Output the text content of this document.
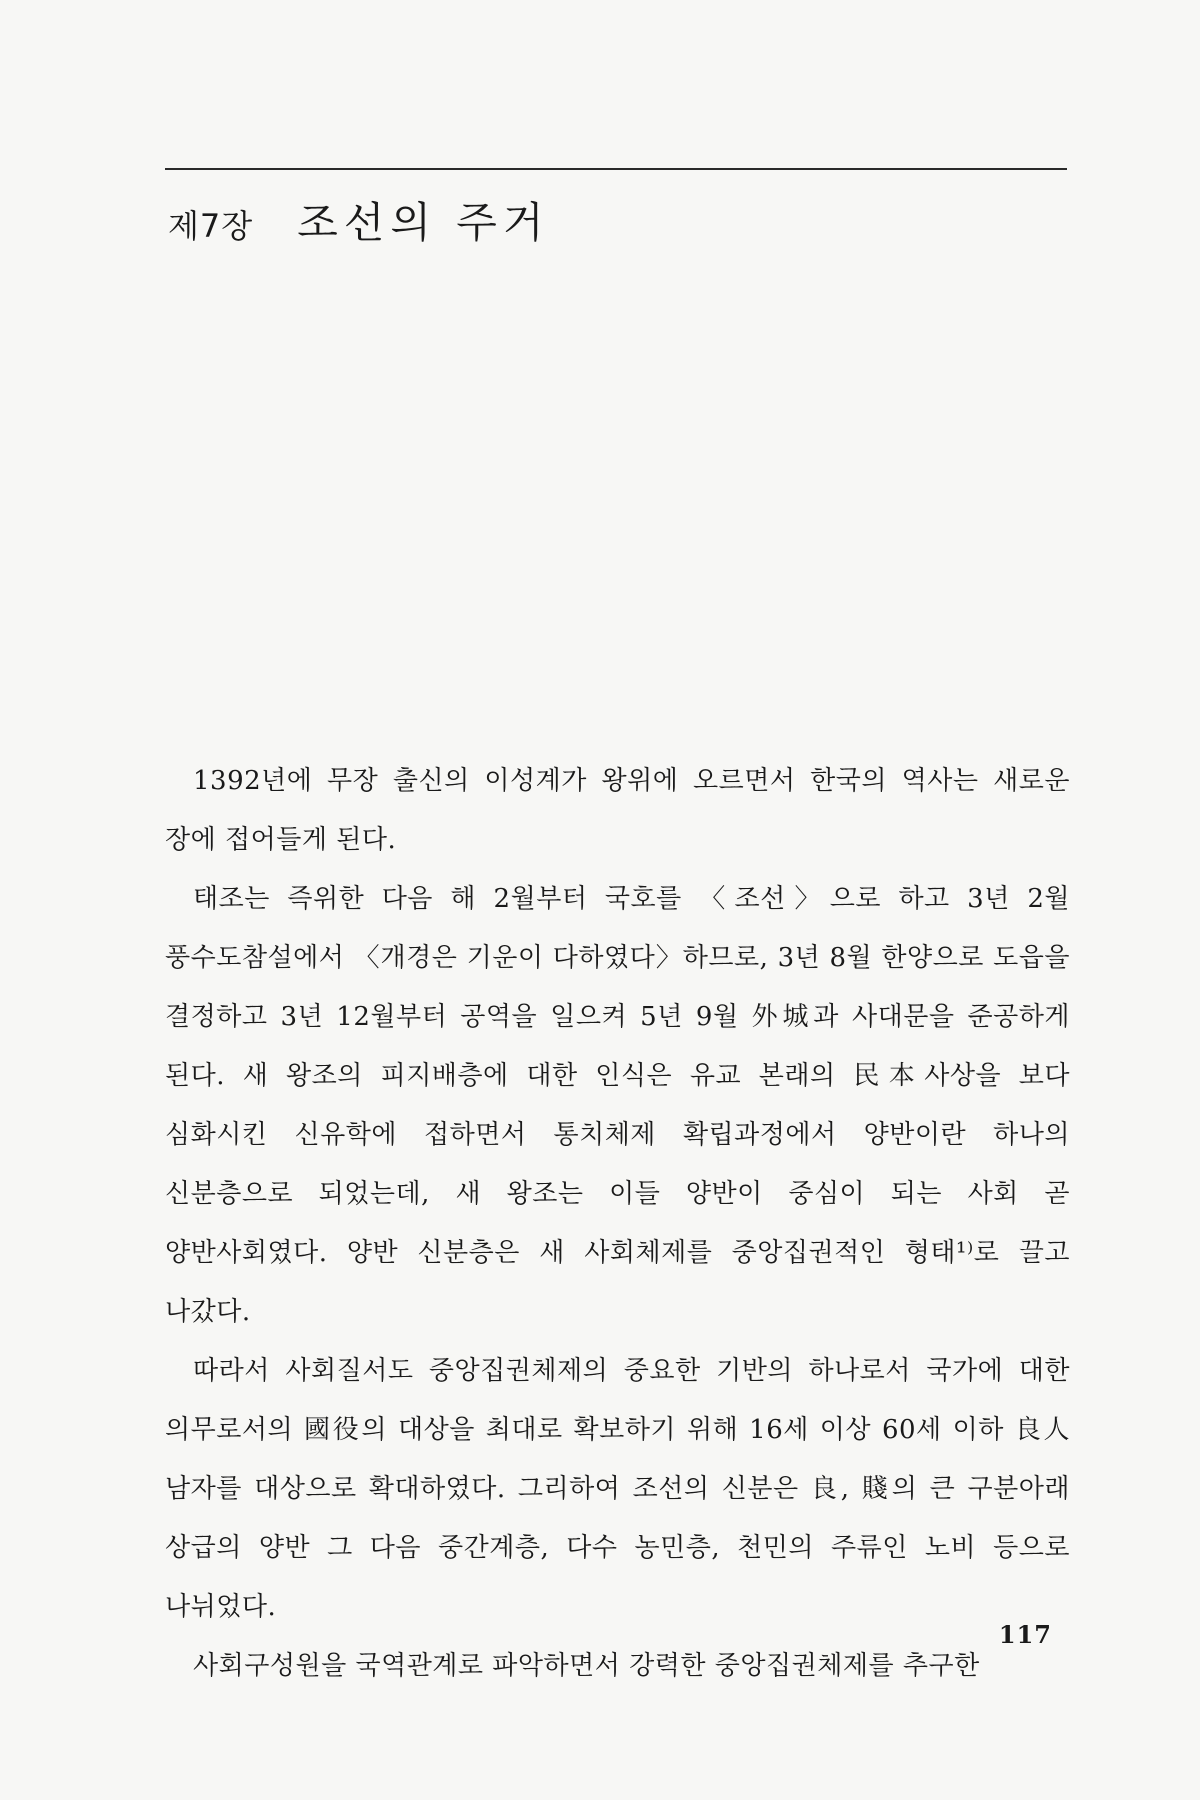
제7장 조선의 주거

1392년에 무장 출신의 이성계가 왕위에 오르면서 한국의 역사는 새로운 장에 접어들게 된다.

태조는 즉위한 다음 해 2월부터 국호를 〈조선〉으로 하고 3년 2월 풍수도참설에서 〈개경은 기운이 다하였다〉하므로, 3년 8월 한양으로 도읍을 결정하고 3년 12월부터 공역을 일으켜 5년 9월 外城과 사대문을 준공하게 된다. 새 왕조의 피지배층에 대한 인식은 유교 본래의 民本사상을 보다 심화시킨 신유학에 접하면서 통치체제 확립과정에서 양반이란 하나의 신분층으로 되었는데, 새 왕조는 이들 양반이 중심이 되는 사회 곧 양반사회였다. 양반 신분층은 새 사회체제를 중앙집권적인 형태¹⁾로 끌고 나갔다.

따라서 사회질서도 중앙집권체제의 중요한 기반의 하나로서 국가에 대한 의무로서의 國役의 대상을 최대로 확보하기 위해 16세 이상 60세 이하 良人 남자를 대상으로 확대하였다. 그리하여 조선의 신분은 良, 賤의 큰 구분아래 상급의 양반 그 다음 중간계층, 다수 농민층, 천민의 주류인 노비 등으로 나뉘었다.

사회구성원을 국역관계로 파악하면서 강력한 중앙집권체제를 추구한

117
